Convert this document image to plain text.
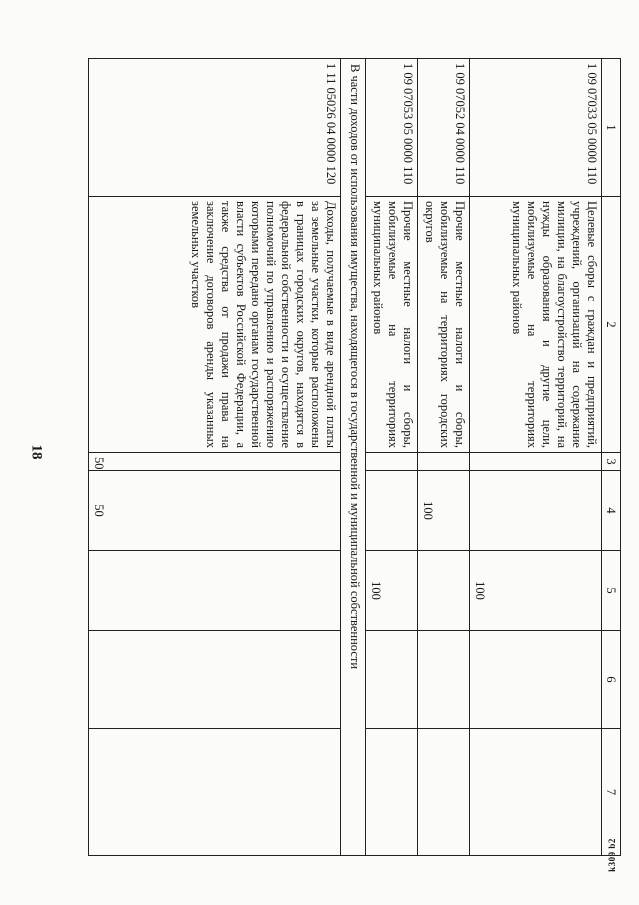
18
k309 b2
1	2	3	4	5	6	7
1 09 07033 05 0000 110	Целевые сборы с граждан и предприятий, учреждений, организаций на содержание милиции, на благоустройство территорий, на нужды образования и другие цели, мобилизуемые на территориях муниципальных районов			100		
1 09 07052 04 0000 110	Прочие местные налоги и сборы, мобилизуемые на территориях городских округов		100			
1 09 07053 05 0000 110	Прочие местные налоги и сборы, мобилизуемые на территориях муниципальных районов			100		
В части доходов от использования имущества, находящегося в государственной и муниципальной собственности						
1 11 05026 04 0000 120	Доходы, получаемые в виде арендной платы за земельные участки, которые расположены в границах городских округов, находятся в федеральной собственности и осуществление полномочий по управлению и распоряжению которыми передано органам государственной власти субъектов Российской Федерации, а также средства от продажи права на заключение договоров аренды указанных земельных участков	50	50			
